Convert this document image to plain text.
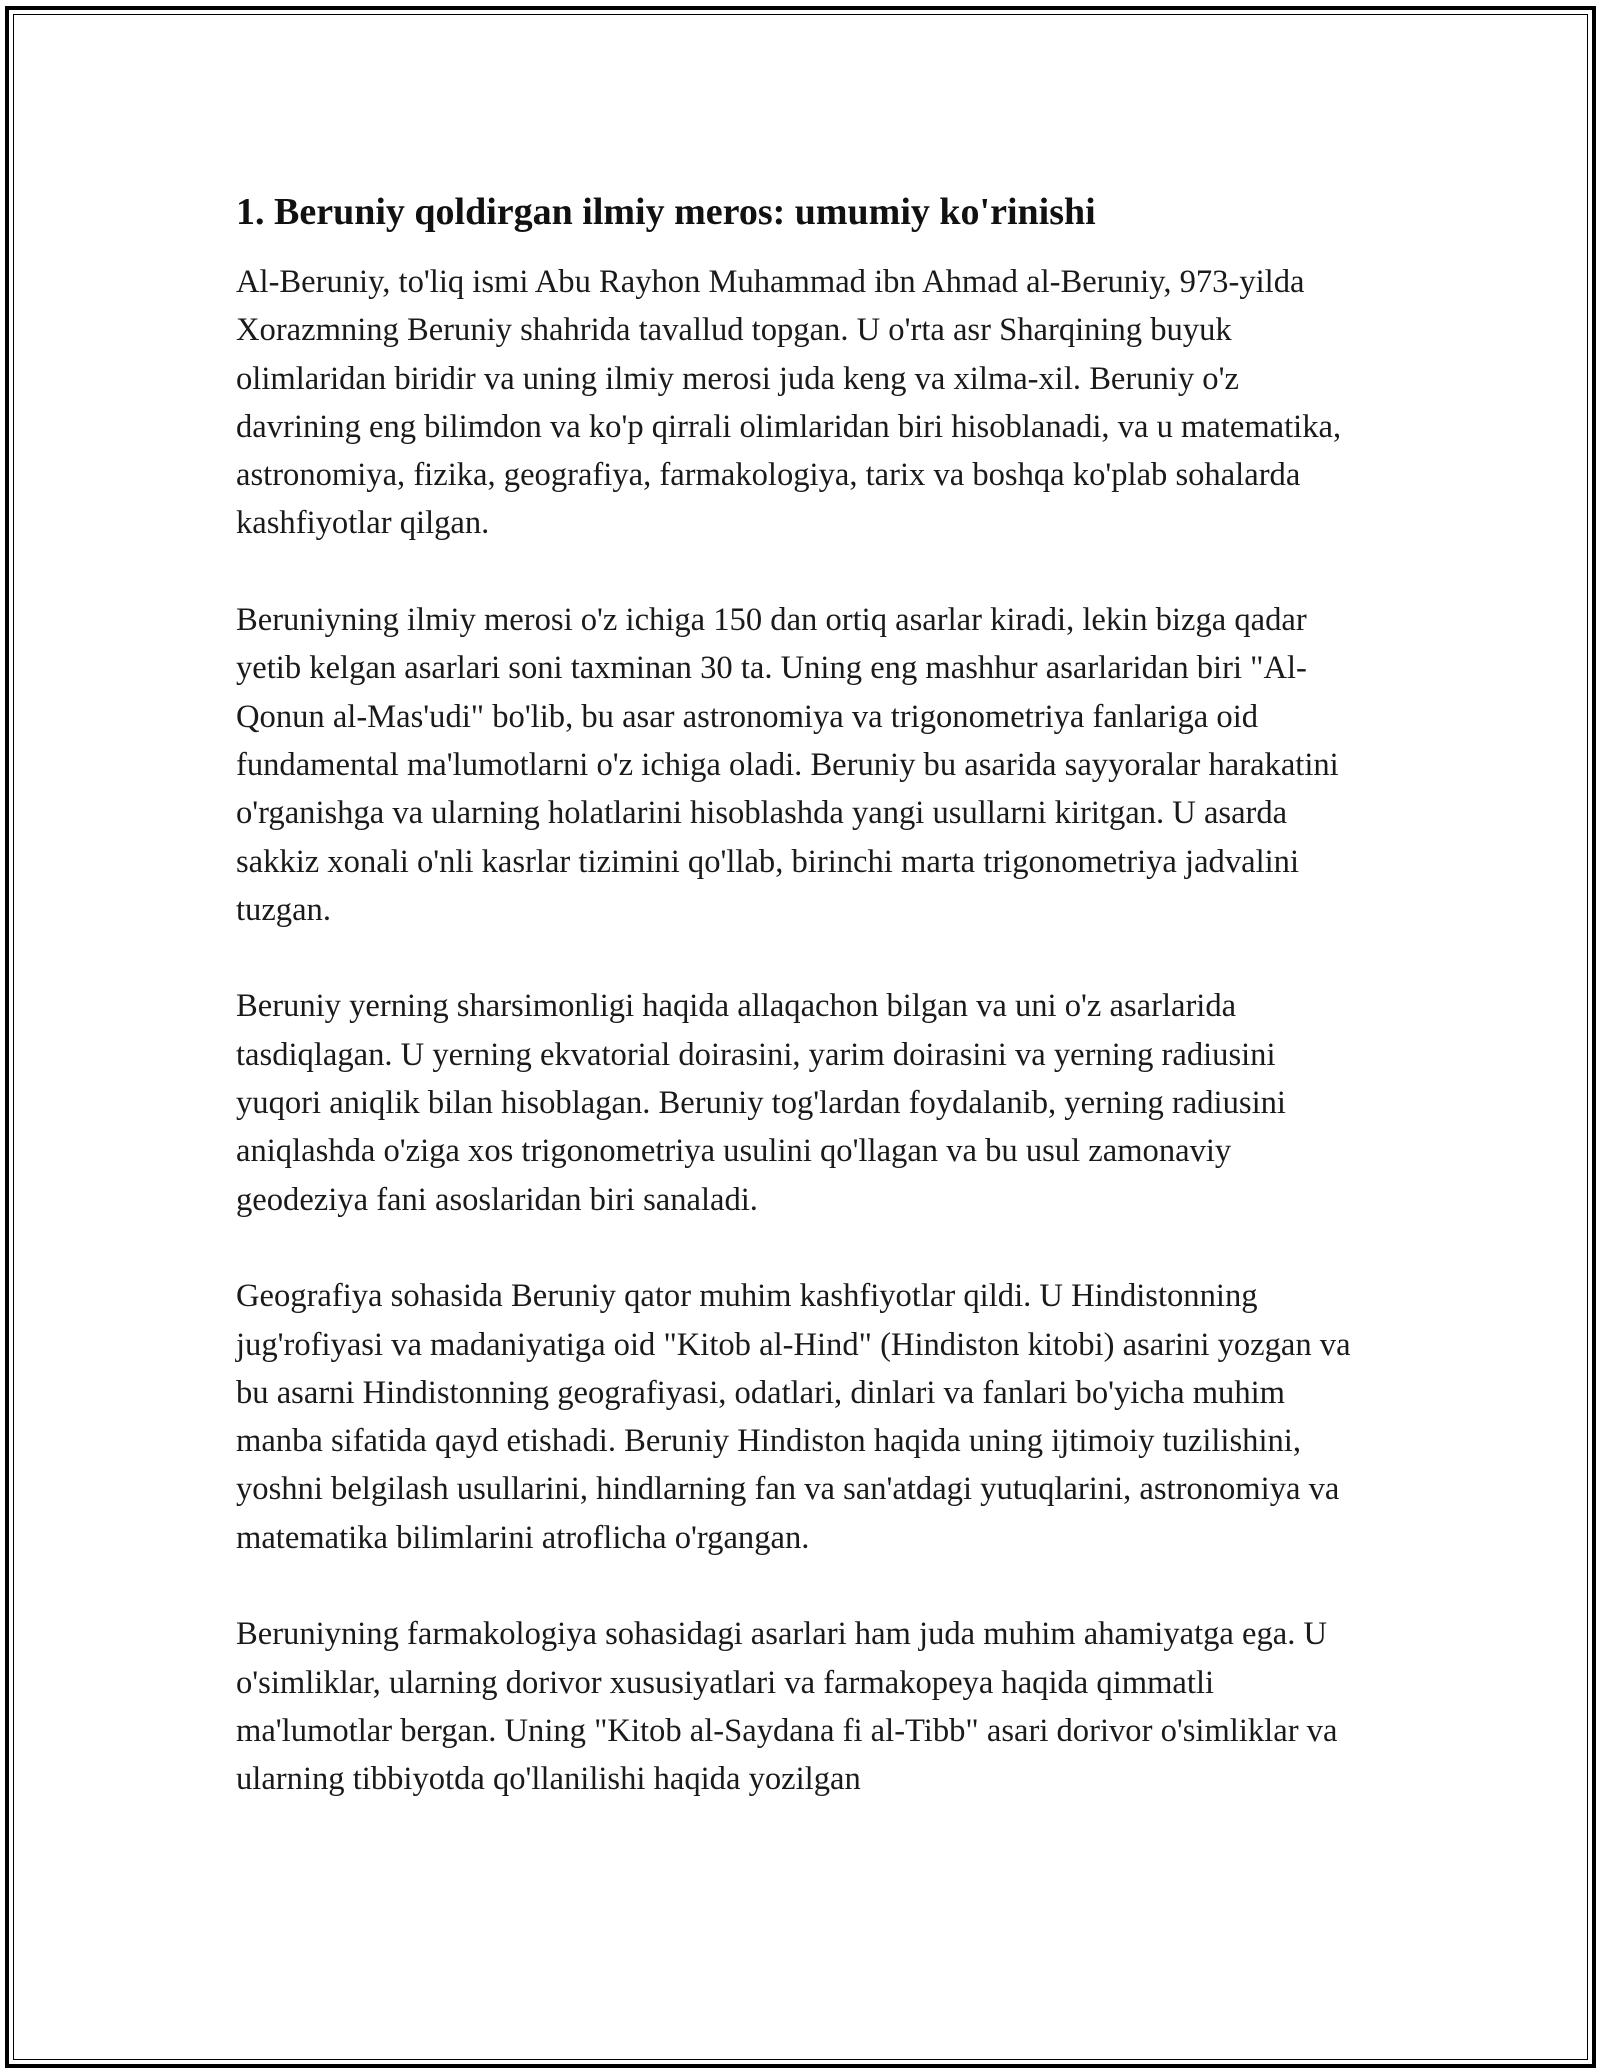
1. Beruniy qoldirgan ilmiy meros: umumiy ko'rinishi

Al-Beruniy, to'liq ismi Abu Rayhon Muhammad ibn Ahmad al-Beruniy, 973-yilda Xorazmning Beruniy shahrida tavallud topgan. U o'rta asr Sharqining buyuk olimlaridan biridir va uning ilmiy merosi juda keng va xilma-xil. Beruniy o'z davrining eng bilimdon va ko'p qirrali olimlaridan biri hisoblanadi, va u matematika, astronomiya, fizika, geografiya, farmakologiya, tarix va boshqa ko'plab sohalarda kashfiyotlar qilgan.

Beruniyning ilmiy merosi o'z ichiga 150 dan ortiq asarlar kiradi, lekin bizga qadar yetib kelgan asarlari soni taxminan 30 ta. Uning eng mashhur asarlaridan biri "Al-Qonun al-Mas'udi" bo'lib, bu asar astronomiya va trigonometriya fanlariga oid fundamental ma'lumotlarni o'z ichiga oladi. Beruniy bu asarida sayyoralar harakatini o'rganishga va ularning holatlarini hisoblashda yangi usullarni kiritgan. U asarda sakkiz xonali o'nli kasrlar tizimini qo'llab, birinchi marta trigonometriya jadvalini tuzgan.

Beruniy yerning sharsimonligi haqida allaqachon bilgan va uni o'z asarlarida tasdiqlagan. U yerning ekvatorial doirasini, yarim doirasini va yerning radiusini yuqori aniqlik bilan hisoblagan. Beruniy tog'lardan foydalanib, yerning radiusini aniqlashda o'ziga xos trigonometriya usulini qo'llagan va bu usul zamonaviy geodeziya fani asoslaridan biri sanaladi.

Geografiya sohasida Beruniy qator muhim kashfiyotlar qildi. U Hindistonning jug'rofiyasi va madaniyatiga oid "Kitob al-Hind" (Hindiston kitobi) asarini yozgan va bu asarni Hindistonning geografiyasi, odatlari, dinlari va fanlari bo'yicha muhim manba sifatida qayd etishadi. Beruniy Hindiston haqida uning ijtimoiy tuzilishini, yoshni belgilash usullarini, hindlarning fan va san'atdagi yutuqlarini, astronomiya va matematika bilimlarini atroflicha o'rgangan.

Beruniyning farmakologiya sohasidagi asarlari ham juda muhim ahamiyatga ega. U o'simliklar, ularning dorivor xususiyatlari va farmakopeya haqida qimmatli ma'lumotlar bergan. Uning "Kitob al-Saydana fi al-Tibb" asari dorivor o'simliklar va ularning tibbiyotda qo'llanilishi haqida yozilgan
